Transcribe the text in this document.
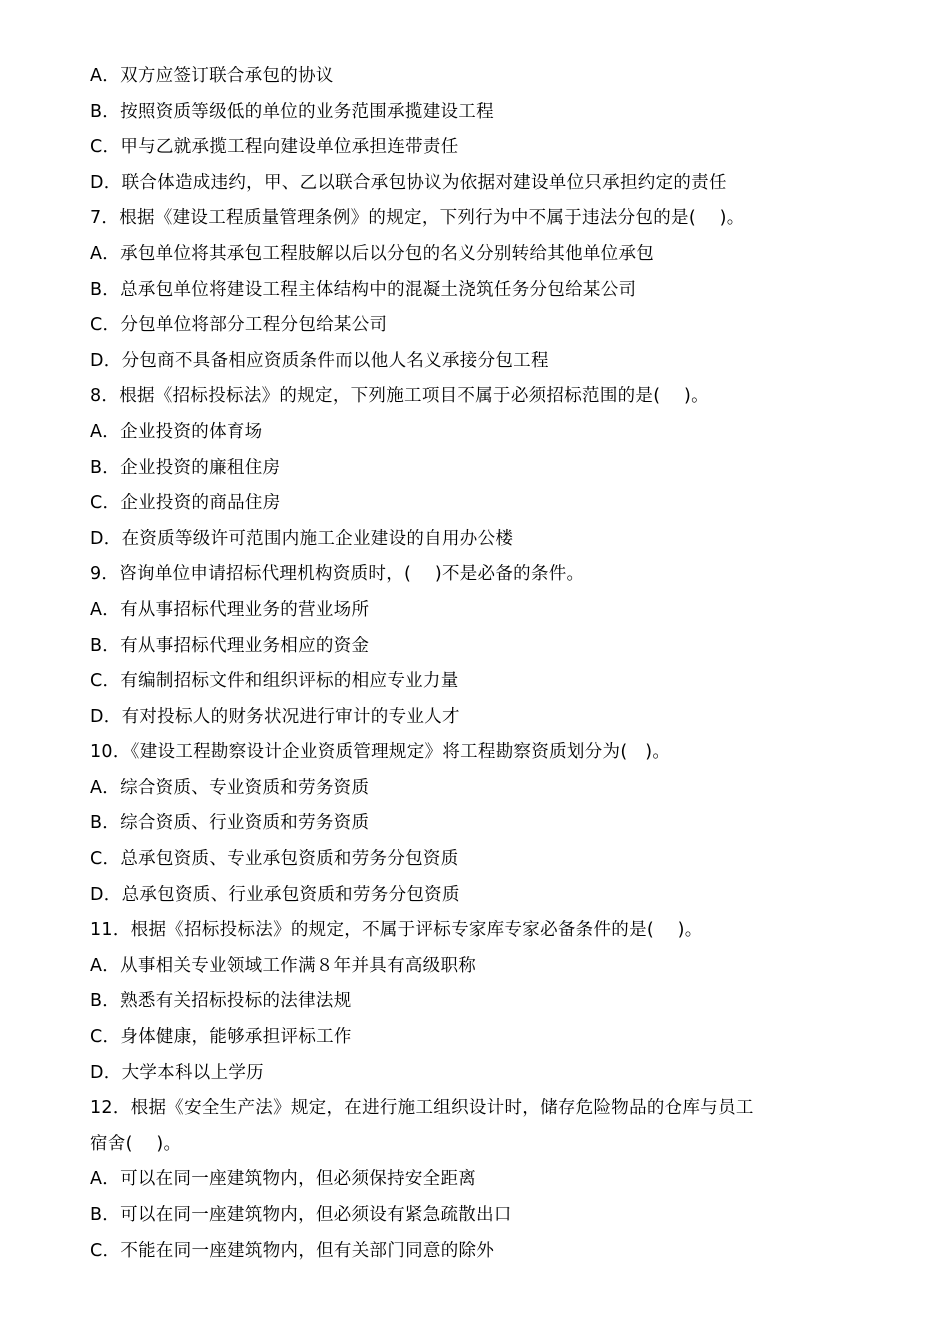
A．双方应签订联合承包的协议
B．按照资质等级低的单位的业务范围承揽建设工程
C．甲与乙就承揽工程向建设单位承担连带责任
D．联合体造成违约，甲、乙以联合承包协议为依据对建设单位只承担约定的责任
7．根据《建设工程质量管理条例》的规定，下列行为中不属于违法分包的是(　 )。
A．承包单位将其承包工程肢解以后以分包的名义分别转给其他单位承包
B．总承包单位将建设工程主体结构中的混凝土浇筑任务分包给某公司
C．分包单位将部分工程分包给某公司
D．分包商不具备相应资质条件而以他人名义承接分包工程
8．根据《招标投标法》的规定，下列施工项目不属于必须招标范围的是(　 )。
A．企业投资的体育场
B．企业投资的廉租住房
C．企业投资的商品住房
D．在资质等级许可范围内施工企业建设的自用办公楼
9．咨询单位申请招标代理机构资质时，(　 )不是必备的条件。
A．有从事招标代理业务的营业场所
B．有从事招标代理业务相应的资金
C．有编制招标文件和组织评标的相应专业力量
D．有对投标人的财务状况进行审计的专业人才
10．《建设工程勘察设计企业资质管理规定》将工程勘察资质划分为(　)。
A．综合资质、专业资质和劳务资质
B．综合资质、行业资质和劳务资质
C．总承包资质、专业承包资质和劳务分包资质
D．总承包资质、行业承包资质和劳务分包资质
11．根据《招标投标法》的规定，不属于评标专家库专家必备条件的是(　 )。
A．从事相关专业领域工作满８年并具有高级职称
B．熟悉有关招标投标的法律法规
C．身体健康，能够承担评标工作
D．大学本科以上学历
12．根据《安全生产法》规定，在进行施工组织设计时，储存危险物品的仓库与员工
宿舍(　 )。
A．可以在同一座建筑物内，但必须保持安全距离
B．可以在同一座建筑物内，但必须设有紧急疏散出口
C．不能在同一座建筑物内，但有关部门同意的除外
